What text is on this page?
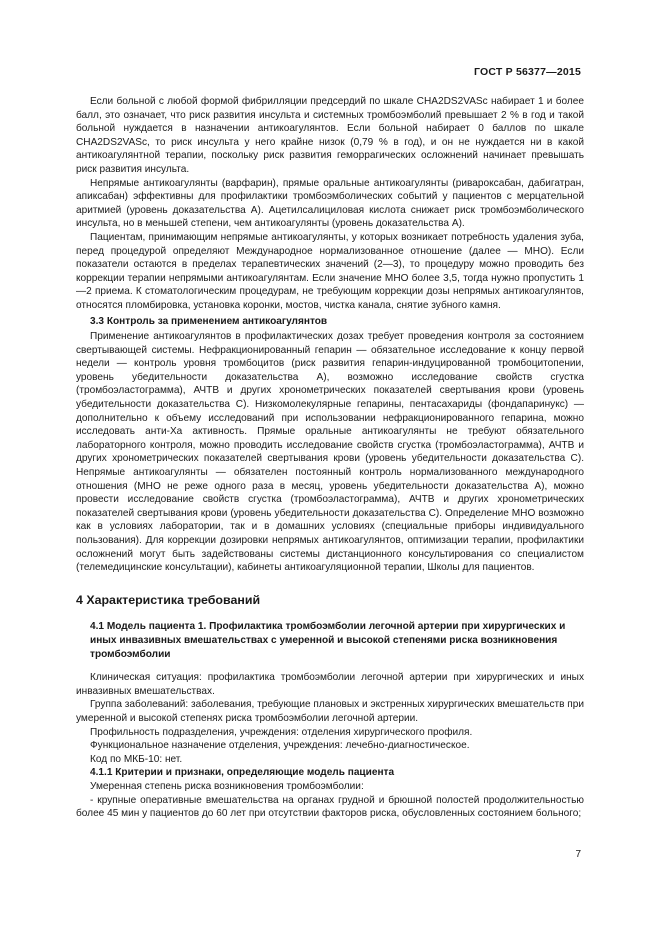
ГОСТ Р 56377—2015

Если больной с любой формой фибрилляции предсердий по шкале CHA2DS2VASc набирает 1 и более балл, это означает, что риск развития инсульта и системных тромбоэмболий превышает 2 % в год и такой больной нуждается в назначении антикоагулянтов. Если больной набирает 0 баллов по шкале CHA2DS2VASc, то риск инсульта у него крайне низок (0,79 % в год), и он не нуждается ни в какой антикоагулянтной терапии, поскольку риск развития геморрагических осложнений начинает превышать риск развития инсульта.

Непрямые антикоагулянты (варфарин), прямые оральные антикоагулянты (ривароксабан, дабигатран, апиксабан) эффективны для профилактики тромбоэмболических событий у пациентов с мерцательной аритмией (уровень доказательства А). Ацетилсалициловая кислота снижает риск тромбоэмболического инсульта, но в меньшей степени, чем антикоагулянты (уровень доказательства А).

Пациентам, принимающим непрямые антикоагулянты, у которых возникает потребность удаления зуба, перед процедурой определяют Международное нормализованное отношение (далее — МНО). Если показатели остаются в пределах терапевтических значений (2—3), то процедуру можно проводить без коррекции терапии непрямыми антикоагулянтам. Если значение МНО более 3,5, тогда нужно пропустить 1—2 приема. К стоматологическим процедурам, не требующим коррекции дозы непрямых антикоагулянтов, относятся пломбировка, установка коронки, мостов, чистка канала, снятие зубного камня.

3.3 Контроль за применением антикоагулянтов

Применение антикоагулянтов в профилактических дозах требует проведения контроля за состоянием свертывающей системы. Нефракционированный гепарин — обязательное исследование к концу первой недели — контроль уровня тромбоцитов (риск развития гепарин-индуцированной тромбоцитопении, уровень убедительности доказательства А), возможно исследование свойств сгустка (тромбоэластограмма), АЧТВ и других хронометрических показателей свертывания крови (уровень убедительности доказательства С). Низкомолекулярные гепарины, пентасахариды (фондапаринукс) — дополнительно к объему исследований при использовании нефракционированного гепарина, можно исследовать анти-Ха активность. Прямые оральные антикоагулянты не требуют обязательного лабораторного контроля, можно проводить исследование свойств сгустка (тромбоэластограмма), АЧТВ и других хронометрических показателей свертывания крови (уровень убедительности доказательства С). Непрямые антикоагулянты — обязателен постоянный контроль нормализованного международного отношения (МНО не реже одного раза в месяц, уровень убедительности доказательства А), можно провести исследование свойств сгустка (тромбоэластограмма), АЧТВ и других хронометрических показателей свертывания крови (уровень убедительности доказательства С). Определение МНО возможно как в условиях лаборатории, так и в домашних условиях (специальные приборы индивидуального пользования). Для коррекции дозировки непрямых антикоагулянтов, оптимизации терапии, профилактики осложнений могут быть задействованы системы дистанционного консультирования со специалистом (телемедицинские консультации), кабинеты антикоагуляционной терапии, Школы для пациентов.

4 Характеристика требований
4.1 Модель пациента 1. Профилактика тромбоэмболии легочной артерии при хирургических и иных инвазивных вмешательствах с умеренной и высокой степенями риска возникновения тромбоэмболии

Клиническая ситуация: профилактика тромбоэмболии легочной артерии при хирургических и иных инвазивных вмешательствах.

Группа заболеваний: заболевания, требующие плановых и экстренных хирургических вмешательств при умеренной и высокой степенях риска тромбоэмболии легочной артерии.

Профильность подразделения, учреждения: отделения хирургического профиля.

Функциональное назначение отделения, учреждения: лечебно-диагностическое.

Код по МКБ-10: нет.

4.1.1 Критерии и признаки, определяющие модель пациента

Умеренная степень риска возникновения тромбоэмболии:

- крупные оперативные вмешательства на органах грудной и брюшной полостей продолжительностью более 45 мин у пациентов до 60 лет при отсутствии факторов риска, обусловленных состоянием больного;

7
